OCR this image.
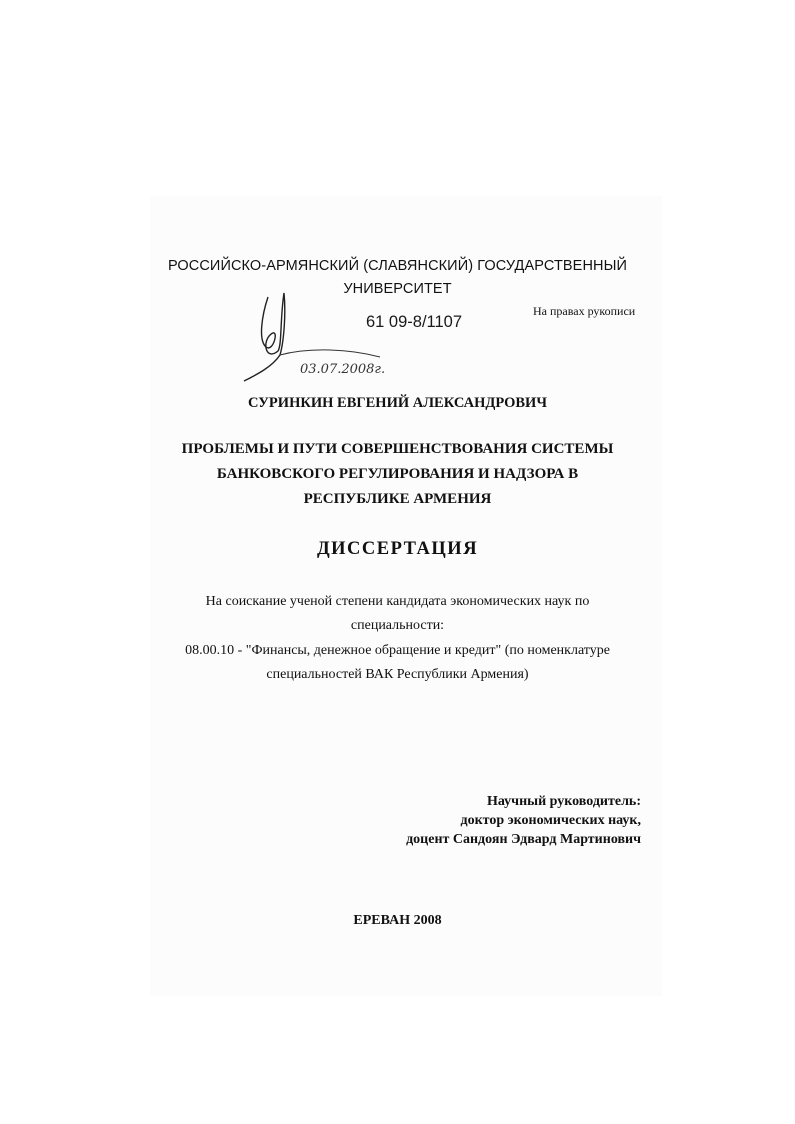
РОССИЙСКО-АРМЯНСКИЙ (СЛАВЯНСКИЙ) ГОСУДАРСТВЕННЫЙ
УНИВЕРСИТЕТ
На правах рукописи
61 09-8/1107
03.07.2008г.
СУРИНКИН ЕВГЕНИЙ АЛЕКСАНДРОВИЧ
ПРОБЛЕМЫ И ПУТИ СОВЕРШЕНСТВОВАНИЯ СИСТЕМЫ
БАНКОВСКОГО РЕГУЛИРОВАНИЯ И НАДЗОРА В
РЕСПУБЛИКЕ АРМЕНИЯ
ДИССЕРТАЦИЯ
На соискание ученой степени кандидата экономических наук по
специальности:
08.00.10 - "Финансы, денежное обращение и кредит" (по номенклатуре
специальностей ВАК Республики Армения)
Научный руководитель:
доктор экономических наук,
доцент Сандоян Эдвард Мартинович
ЕРЕВАН 2008
